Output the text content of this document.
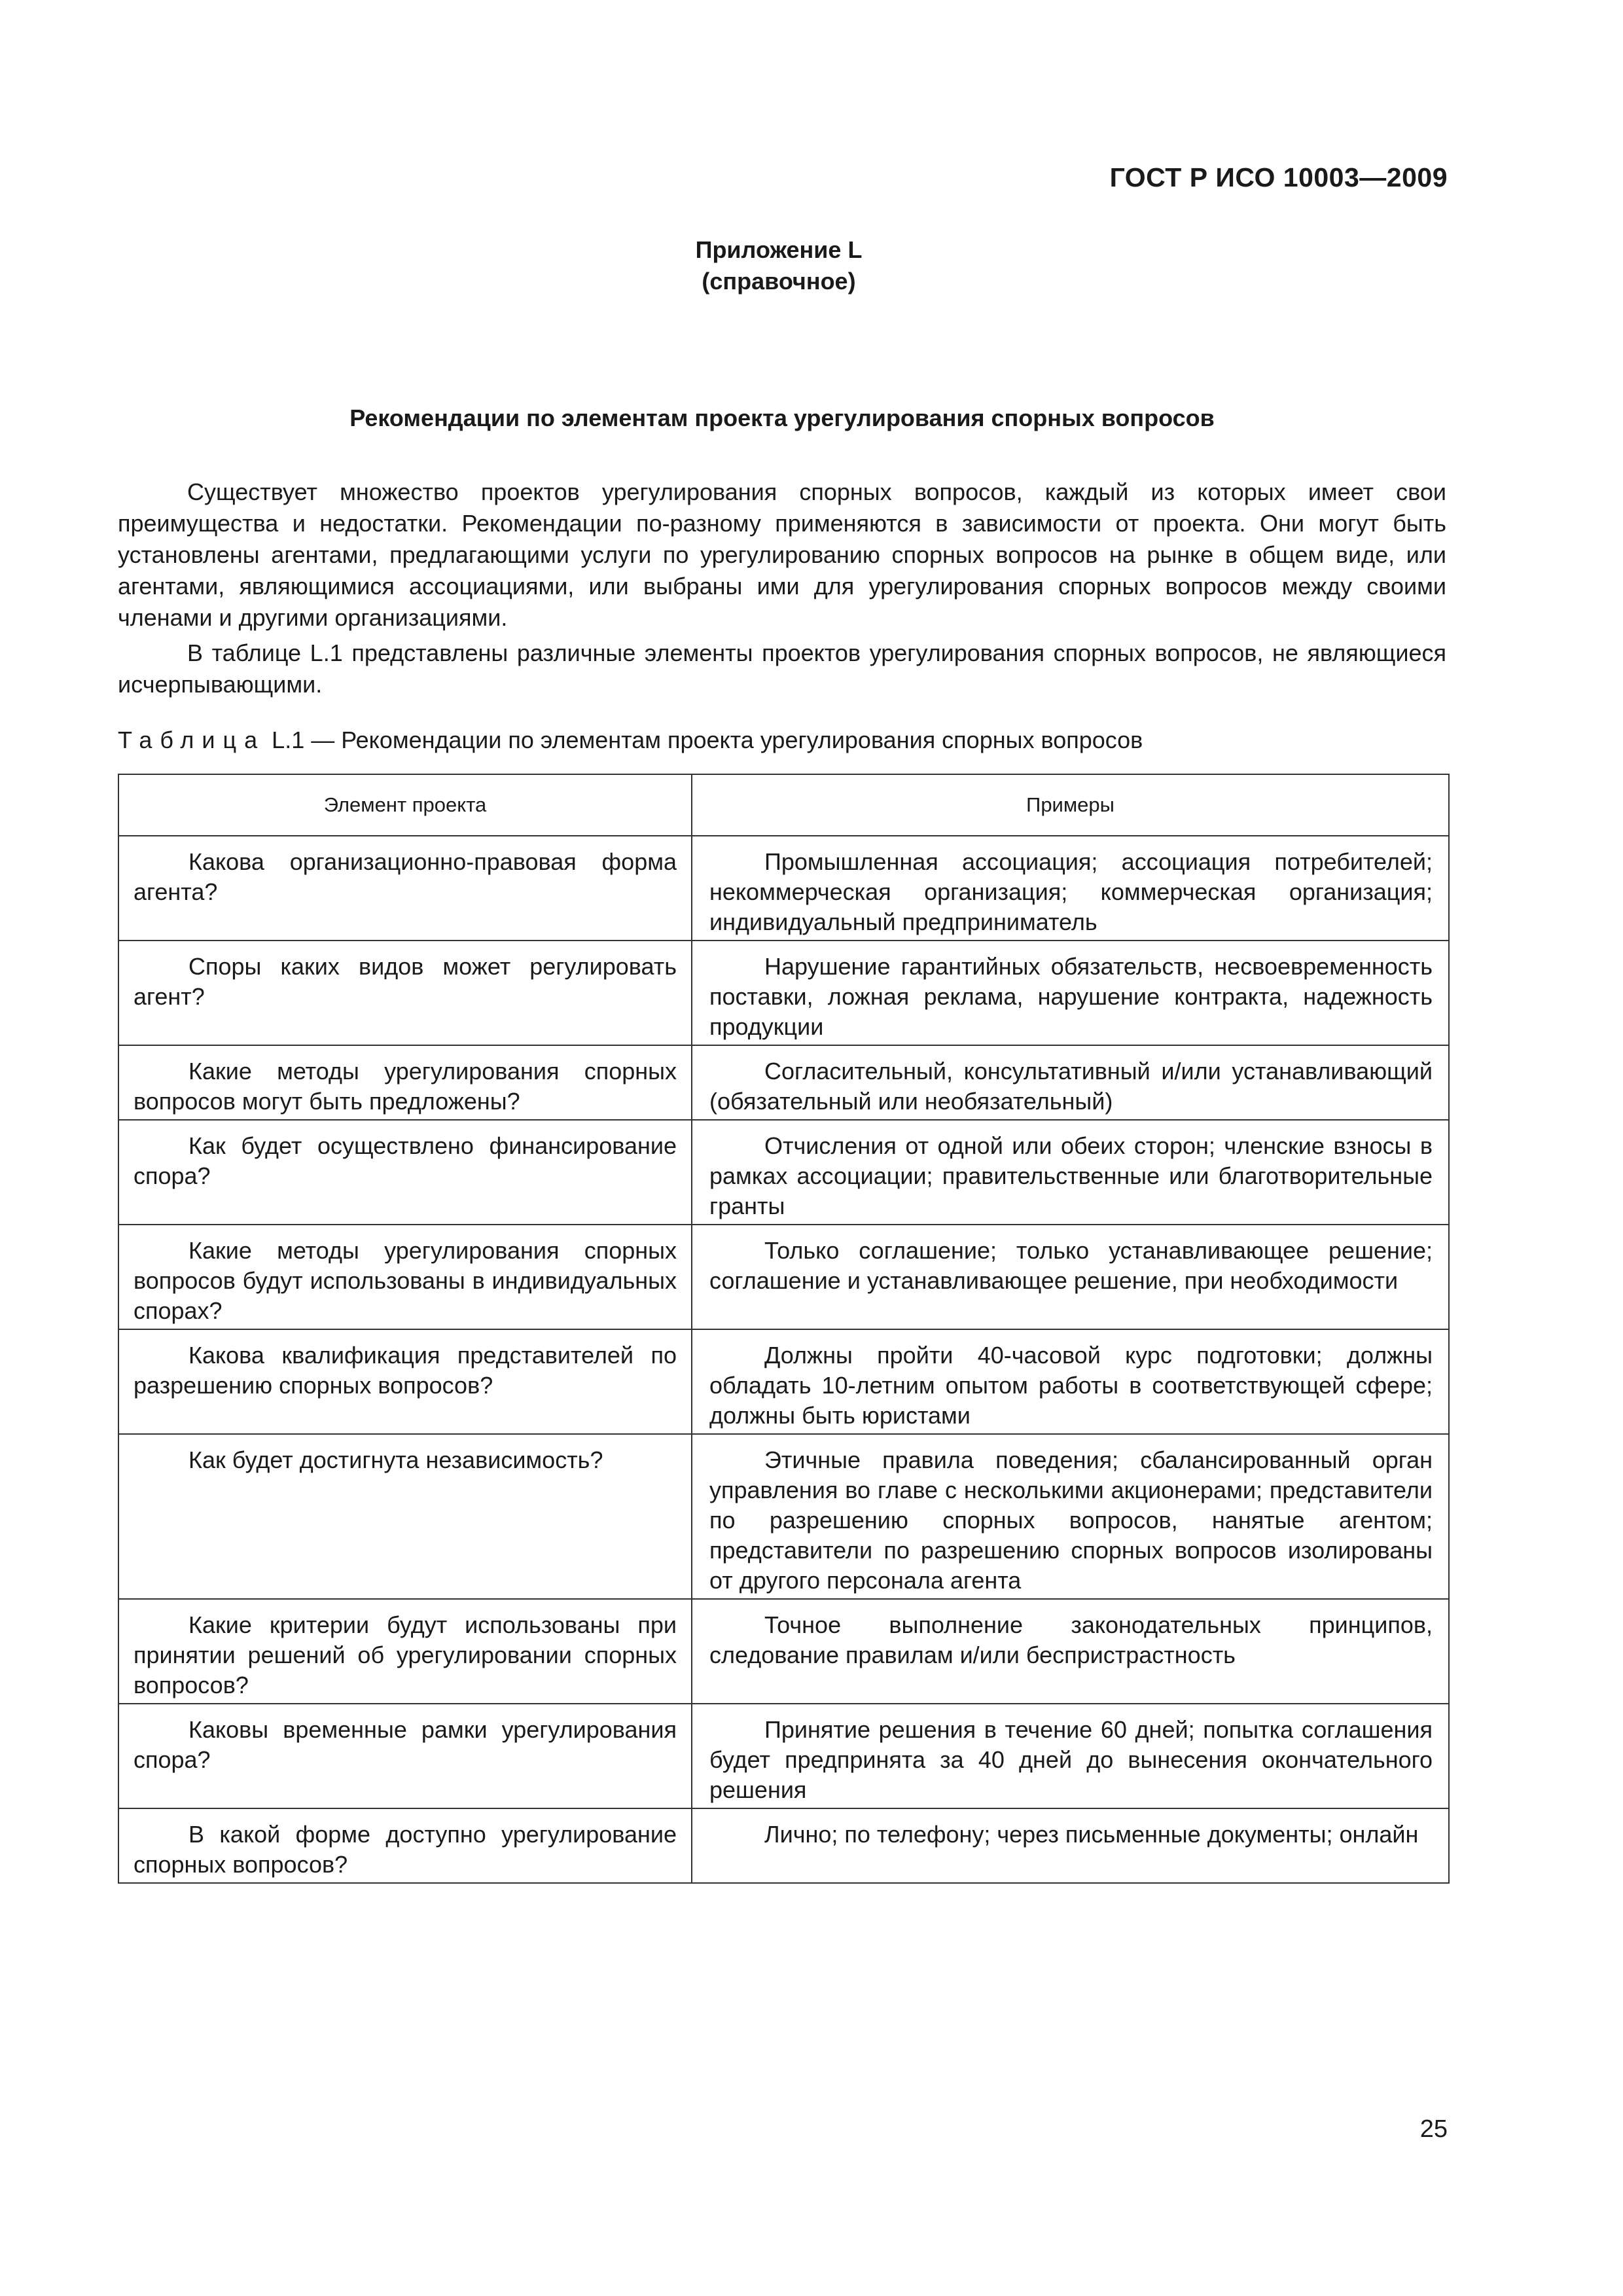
ГОСТ Р ИСО 10003—2009
Приложение L
(справочное)
Рекомендации по элементам проекта урегулирования спорных вопросов

Существует множество проектов урегулирования спорных вопросов, каждый из которых имеет свои преимущества и недостатки. Рекомендации по-разному применяются в зависимости от проекта. Они могут быть установлены агентами, предлагающими услуги по урегулированию спорных вопросов на рынке в общем виде, или агентами, являющимися ассоциациями, или выбраны ими для урегулирования спорных вопросов между своими членами и другими организациями.

В таблице L.1 представлены различные элементы проектов урегулирования спорных вопросов, не являющиеся исчерпывающими.

Таблица L.1 — Рекомендации по элементам проекта урегулирования спорных вопросов
Элемент проекта	Примеры
Какова организационно-правовая форма агента?	Промышленная ассоциация; ассоциация потребителей; некоммерческая организация; коммерческая организация; индивидуальный предприниматель
Споры каких видов может регулировать агент?	Нарушение гарантийных обязательств, несвоевременность поставки, ложная реклама, нарушение контракта, надежность продукции
Какие методы урегулирования спорных вопросов могут быть предложены?	Согласительный, консультативный и/или устанавливающий (обязательный или необязательный)
Как будет осуществлено финансирование спора?	Отчисления от одной или обеих сторон; членские взносы в рамках ассоциации; правительственные или благотворительные гранты
Какие методы урегулирования спорных вопросов будут использованы в индивидуальных спорах?	Только соглашение; только устанавливающее решение; соглашение и устанавливающее решение, при необходимости
Какова квалификация представителей по разрешению спорных вопросов?	Должны пройти 40-часовой курс подготовки; должны обладать 10-летним опытом работы в соответствующей сфере; должны быть юристами
Как будет достигнута независимость?	Этичные правила поведения; сбалансированный орган управления во главе с несколькими акционерами; представители по разрешению спорных вопросов, нанятые агентом; представители по разрешению спорных вопросов изолированы от другого персонала агента
Какие критерии будут использованы при принятии решений об урегулировании спорных вопросов?	Точное выполнение законодательных принципов, следование правилам и/или беспристрастность
Каковы временные рамки урегулирования спора?	Принятие решения в течение 60 дней; попытка соглашения будет предпринята за 40 дней до вынесения окончательного решения
В какой форме доступно урегулирование спорных вопросов?	Лично; по телефону; через письменные документы; онлайн
25
